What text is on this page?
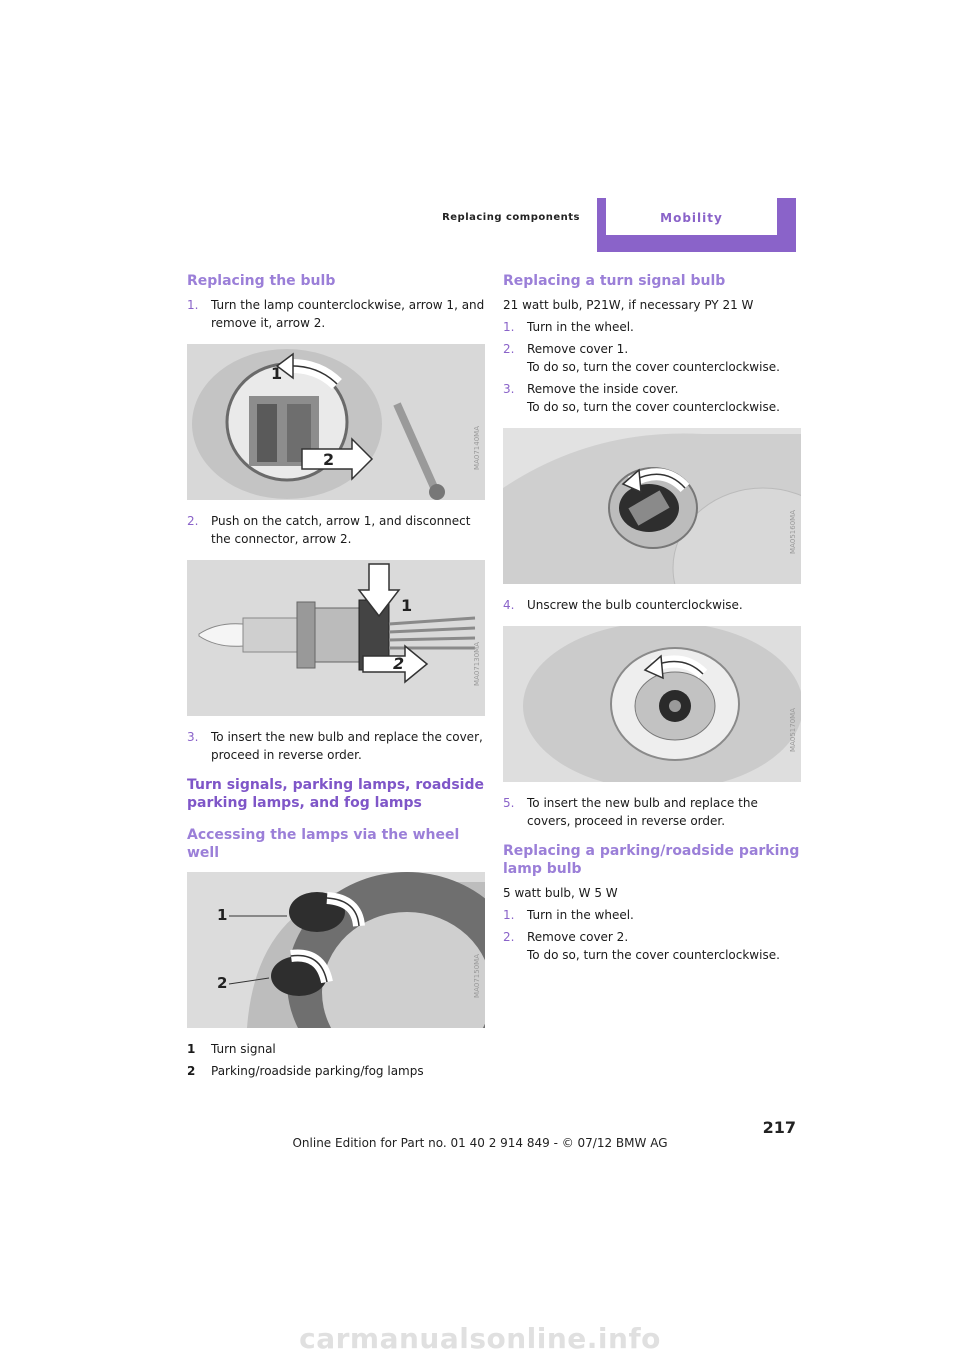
Replacing components	Mobility
Replacing the bulb
1. Turn the lamp counterclockwise, arrow 1, and remove it, arrow 2.
1
2	MA07140MA
2. Push on the catch, arrow 1, and disconnect the connector, arrow 2.
1
2	MA07130MA
3. To insert the new bulb and replace the cover, proceed in reverse order.
Turn signals, parking lamps, roadside parking lamps, and fog lamps
Accessing the lamps via the wheel well
1
2	MA07150MA
1 Turn signal
2 Parking/roadside parking/fog lamps
Replacing a turn signal bulb

21 watt bulb, P21W, if necessary PY 21 W

1. Turn in the wheel.
2. Remove cover 1.
To do so, turn the cover counterclockwise.
3. Remove the inside cover.
To do so, turn the cover counterclockwise.
MA05160MA
4. Unscrew the bulb counterclockwise.
MA05170MA
5. To insert the new bulb and replace the covers, proceed in reverse order.
Replacing a parking/roadside parking lamp bulb

5 watt bulb, W 5 W

1. Turn in the wheel.
2. Remove cover 2.
To do so, turn the cover counterclockwise.
217
Online Edition for Part no. 01 40 2 914 849 - © 07/12 BMW AG
carmanualsonline.info
